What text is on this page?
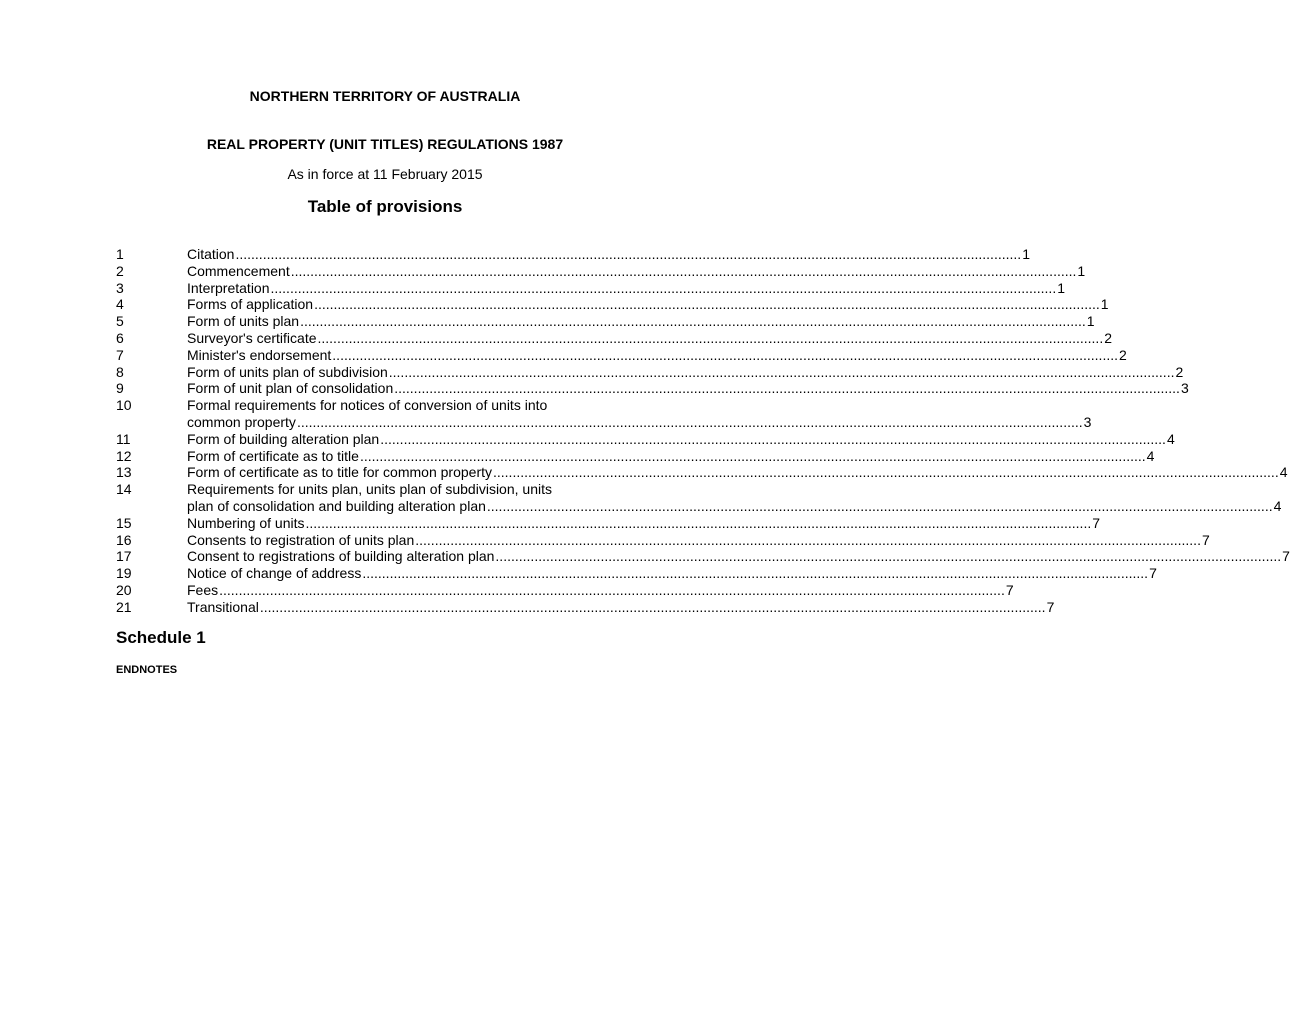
NORTHERN TERRITORY OF AUSTRALIA
REAL PROPERTY (UNIT TITLES) REGULATIONS 1987
As in force at 11 February 2015
Table of provisions
1	Citation .....	1
2	Commencement .....	1
3	Interpretation .....	1
4	Forms of application .....	1
5	Form of units plan .....	1
6	Surveyor's certificate .....	2
7	Minister's endorsement .....	2
8	Form of units plan of subdivision .....	2
9	Form of unit plan of consolidation .....	3
10	Formal requirements for notices of conversion of units into
common property .....	3
11	Form of building alteration plan .....	4
12	Form of certificate as to title .....	4
13	Form of certificate as to title for common property .....	4
14	Requirements for units plan, units plan of subdivision, units
plan of consolidation and building alteration plan .....	4
15	Numbering of units .....	7
16	Consents to registration of units plan .....	7
17	Consent to registrations of building alteration plan .....	7
19	Notice of change of address .....	7
20	Fees .....	7
21	Transitional .....	7
Schedule 1
ENDNOTES
